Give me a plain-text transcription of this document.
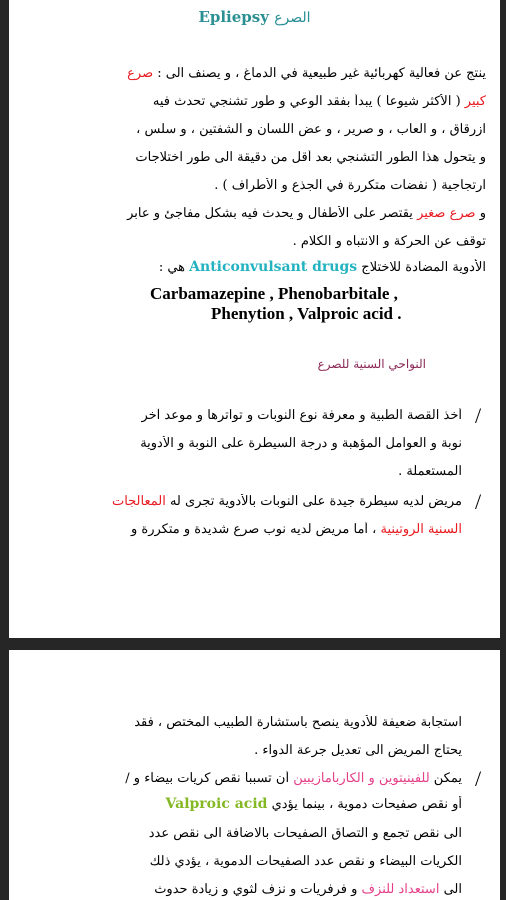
Epliepsy الصرع
ينتج عن فعالية كهربائية غير طبيعية في الدماغ ، و يصنف الى : صرع
كبير ( الأكثر شيوعا ) يبدأ بفقد الوعي و طور تشنجي تحدث فيه
ازرقاق ، و العاب ، و صرير ، و عض اللسان و الشفتين ، و سلس ،
و يتحول هذا الطور التشنجي بعد أقل من دقيقة الى طور اختلاجات
ارتجاجية ( نفضات متكررة في الجذع و الأطراف ) .
و صرع صغير يقتصر على الأطفال و يحدث فيه بشكل مفاجئ و عابر
توقف عن الحركة و الانتباه و الكلام .
الأدوية المضادة للاختلاج Anticonvulsant drugs هي :
Carbamazepine , Phenobarbitale ,
Phenytion , Valproic acid .
النواحي السنية للصرع
/
أخذ القصة الطبية و معرفة نوع النوبات و تواترها و موعد آخر
نوبة و العوامل المؤهبة و درجة السيطرة على النوبة و الأدوية
المستعملة .
/
مريض لديه سيطرة جيدة على النوبات بالأدوية تجرى له المعالجات
السنية الروتينية ، أما مريض لديه نوب صرع شديدة و متكررة و
استجابة ضعيفة للأدوية ينصح باستشارة الطبيب المختص ، فقد
يحتاج المريض الى تعديل جرعة الدواء .
/
يمكن للفينيتوين و الكاربامازيبين أن تسببا نقص كريات بيضاء و /
أو نقص صفيحات دموية ، بينما يؤدي Valproic acid
الى نقص تجمع و التصاق الصفيحات بالاضافة الى نقص عدد
الكريات البيضاء و نقص عدد الصفيحات الدموية ، يؤدي ذلك
الى استعداد للنزف و فرفريات و نزف لثوي و زيادة حدوث
